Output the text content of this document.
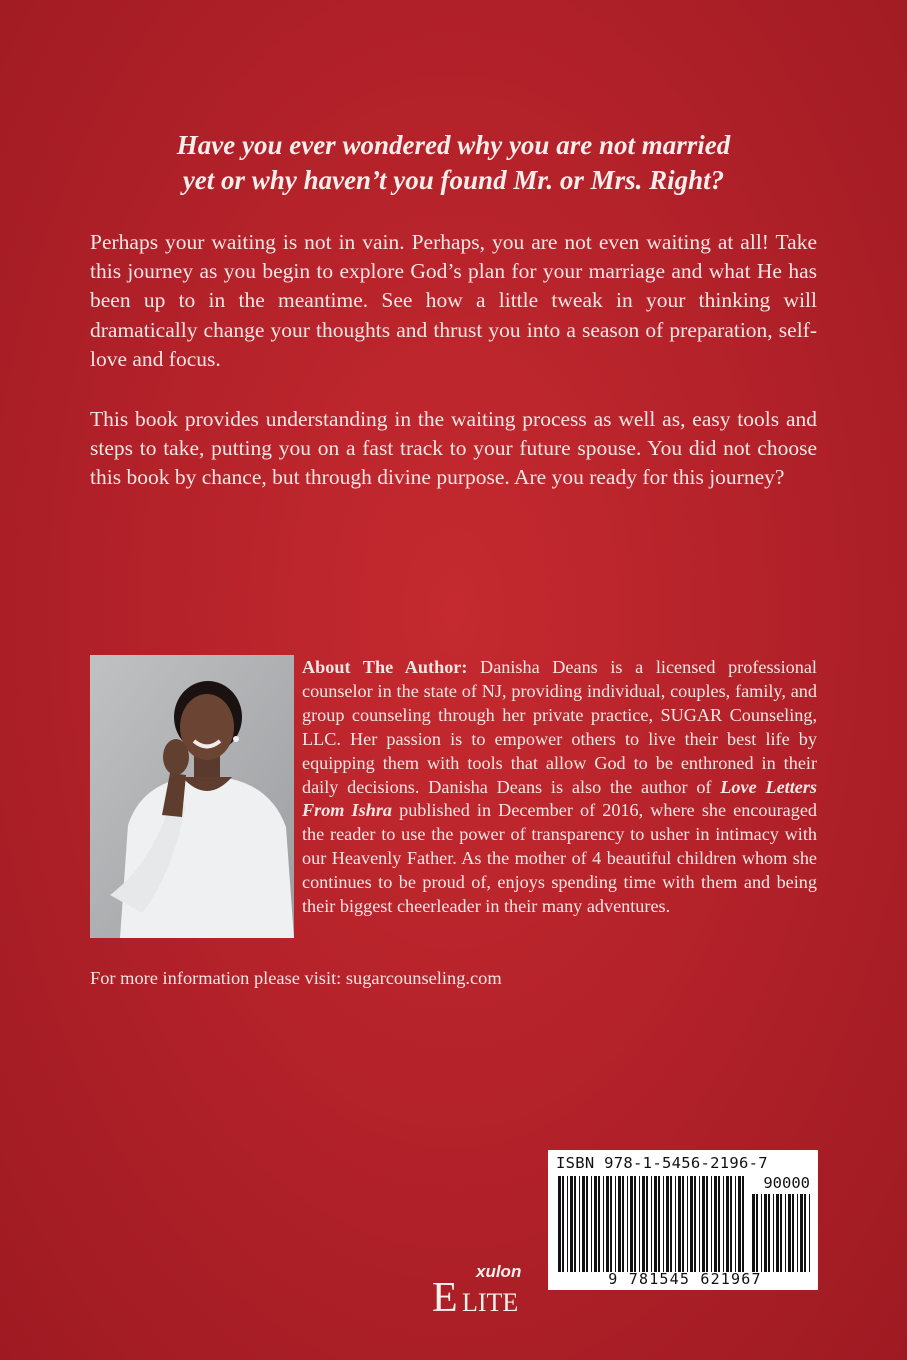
Have you ever wondered why you are not married
yet or why haven’t you found Mr. or Mrs. Right?
Perhaps your waiting is not in vain. Perhaps, you are not even waiting at all! Take this journey as you begin to explore God’s plan for your marriage and what He has been up to in the meantime. See how a little tweak in your thinking will dramatically change your thoughts and thrust you into a season of preparation, self-love and focus.
This book provides understanding in the waiting process as well as, easy tools and steps to take, putting you on a fast track to your future spouse. You did not choose this book by chance, but through divine purpose. Are you ready for this journey?
About The Author: Danisha Deans is a licensed professional counselor in the state of NJ, providing individual, couples, family, and group counseling through her private practice, SUGAR Counseling, LLC. Her passion is to empower others to live their best life by equipping them with tools that allow God to be enthroned in their daily decisions. Danisha Deans is also the author of Love Letters From Ishra published in December of 2016, where she encouraged the reader to use the power of transparency to usher in intimacy with our Heavenly Father. As the mother of 4 beautiful children whom she continues to be proud of, enjoys spending time with them and being their biggest cheerleader in their many adventures.
For more information please visit: sugarcounseling.com
xulon
E LITE
ISBN 978-1-5456-2196-7
90000
9 781545 621967
